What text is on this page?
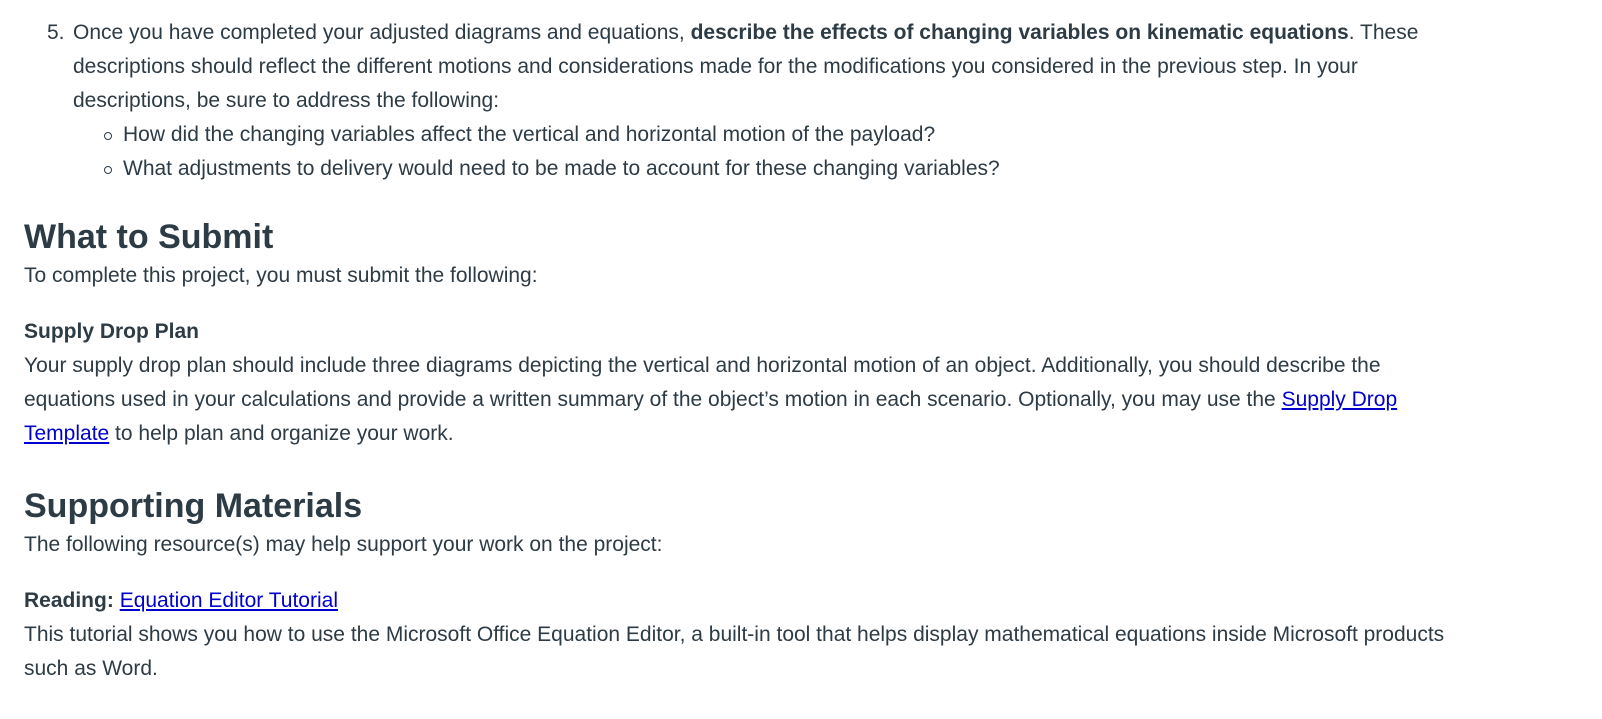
5. Once you have completed your adjusted diagrams and equations, describe the effects of changing variables on kinematic equations. These descriptions should reflect the different motions and considerations made for the modifications you considered in the previous step. In your descriptions, be sure to address the following:
How did the changing variables affect the vertical and horizontal motion of the payload?
What adjustments to delivery would need to be made to account for these changing variables?
What to Submit

To complete this project, you must submit the following:

Supply Drop Plan

Your supply drop plan should include three diagrams depicting the vertical and horizontal motion of an object. Additionally, you should describe the equations used in your calculations and provide a written summary of the object’s motion in each scenario. Optionally, you may use the Supply Drop Template to help plan and organize your work.

Supporting Materials

The following resource(s) may help support your work on the project:

Reading: Equation Editor Tutorial

This tutorial shows you how to use the Microsoft Office Equation Editor, a built-in tool that helps display mathematical equations inside Microsoft products such as Word.
